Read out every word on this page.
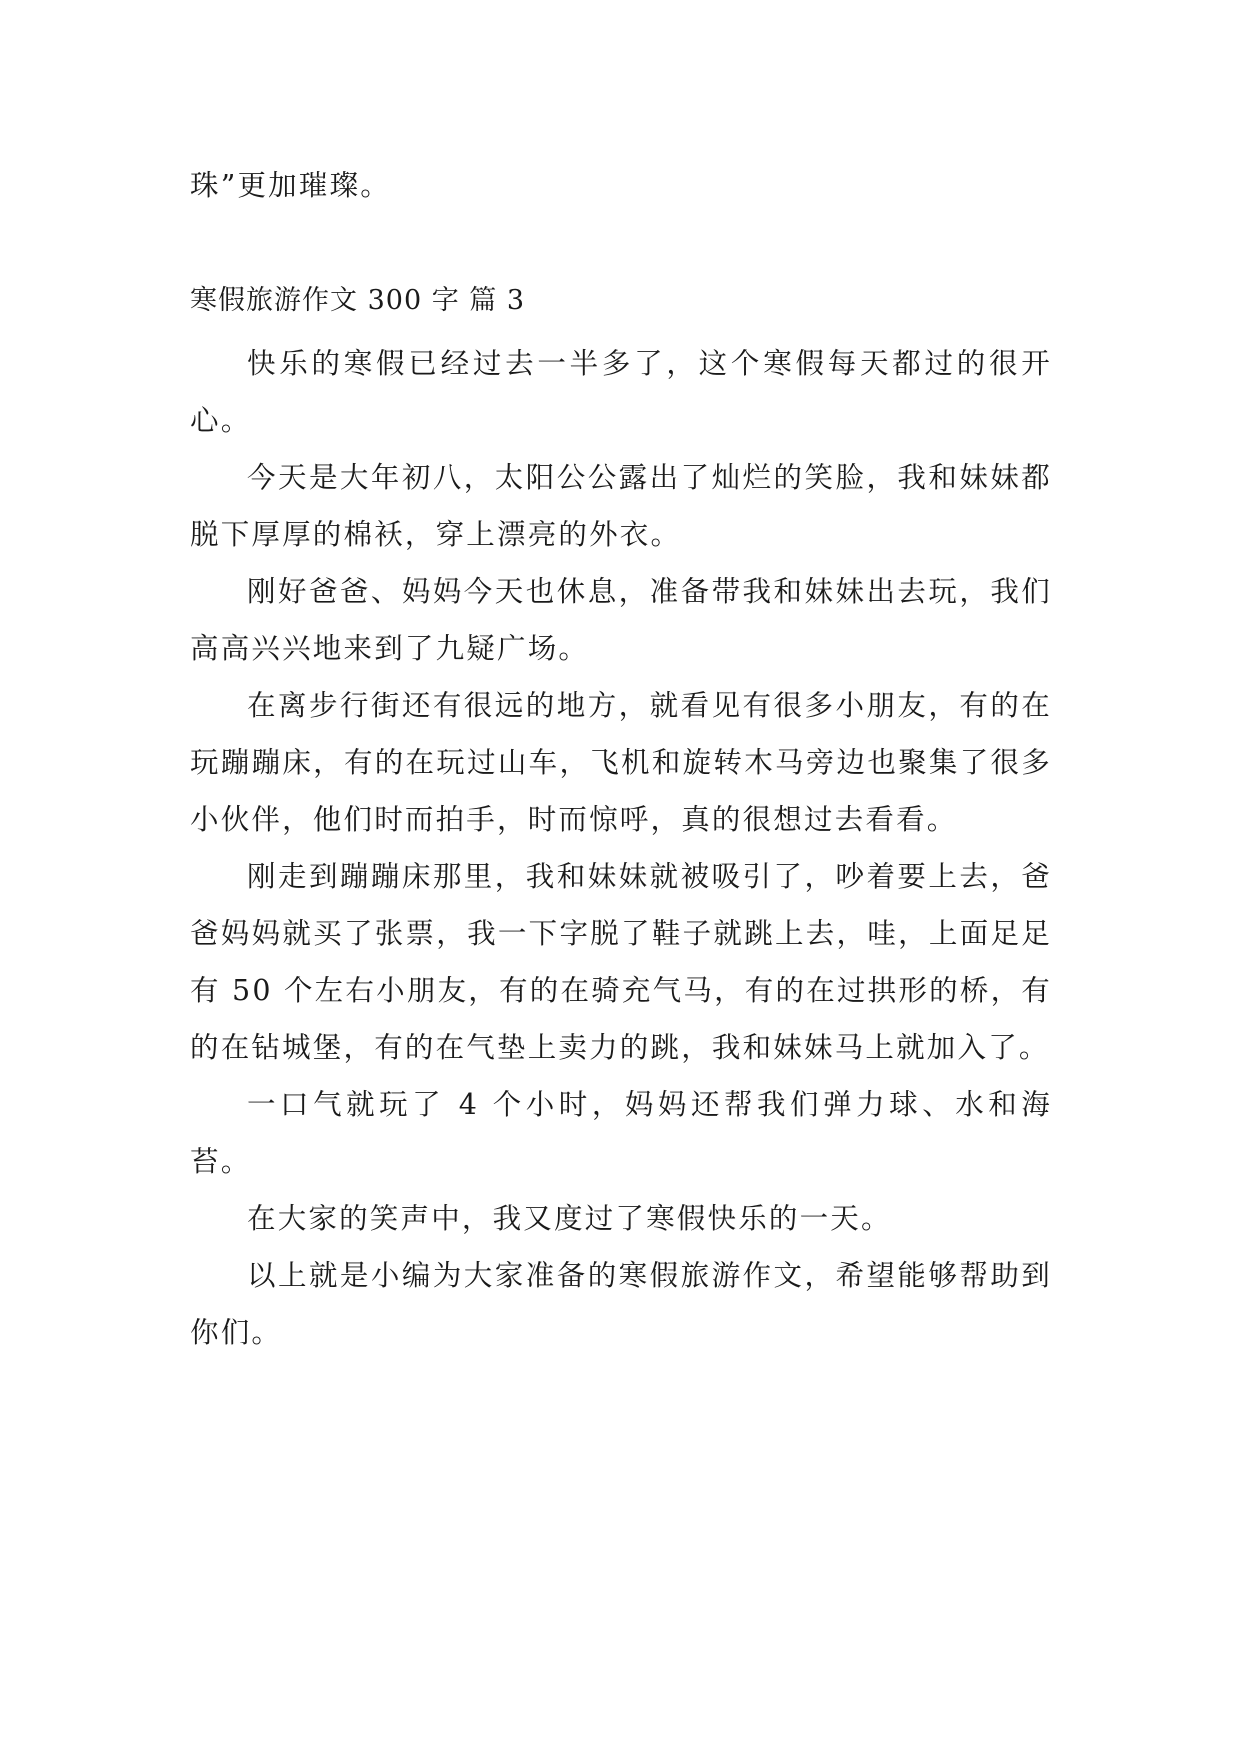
珠”更加璀璨。
寒假旅游作文 300 字 篇 3

快乐的寒假已经过去一半多了，这个寒假每天都过的很开心。

今天是大年初八，太阳公公露出了灿烂的笑脸，我和妹妹都脱下厚厚的棉袄，穿上漂亮的外衣。

刚好爸爸、妈妈今天也休息，准备带我和妹妹出去玩，我们高高兴兴地来到了九疑广场。

在离步行街还有很远的地方，就看见有很多小朋友，有的在玩蹦蹦床，有的在玩过山车，飞机和旋转木马旁边也聚集了很多小伙伴，他们时而拍手，时而惊呼，真的很想过去看看。

刚走到蹦蹦床那里，我和妹妹就被吸引了，吵着要上去，爸爸妈妈就买了张票，我一下字脱了鞋子就跳上去，哇，上面足足有 50 个左右小朋友，有的在骑充气马，有的在过拱形的桥，有的在钻城堡，有的在气垫上卖力的跳，我和妹妹马上就加入了。

一口气就玩了 4 个小时，妈妈还帮我们弹力球、水和海苔。

在大家的笑声中，我又度过了寒假快乐的一天。

以上就是小编为大家准备的寒假旅游作文，希望能够帮助到你们。
